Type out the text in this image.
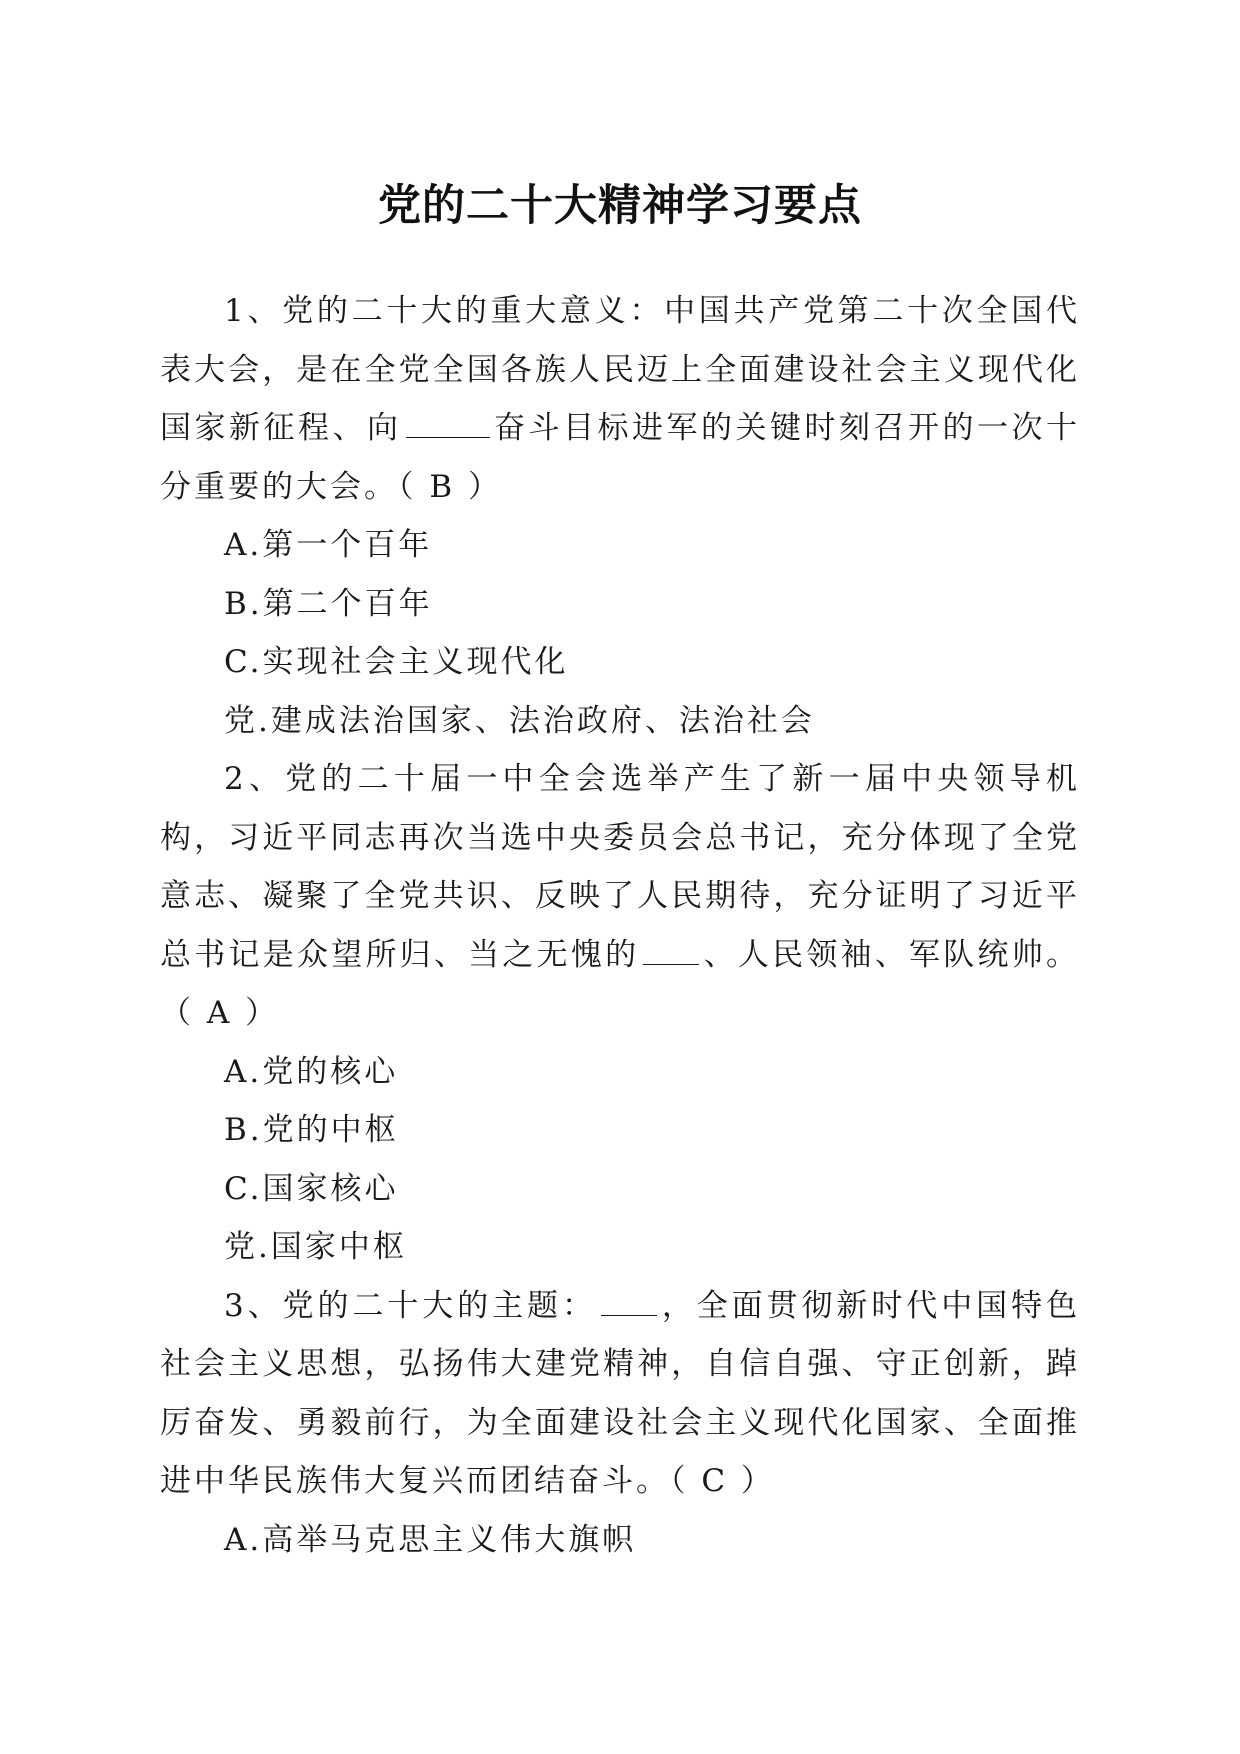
党的二十大精神学习要点

1、党的二十大的重大意义：中国共产党第二十次全国代表大会，是在全党全国各族人民迈上全面建设社会主义现代化国家新征程、向	奋斗目标进军的关键时刻召开的一次十分重要的大会。（ B ）

A.第一个百年

B.第二个百年

C.实现社会主义现代化

党.建成法治国家、法治政府、法治社会

2、党的二十届一中全会选举产生了新一届中央领导机构，习近平同志再次当选中央委员会总书记，充分体现了全党意志、凝聚了全党共识、反映了人民期待，充分证明了习近平总书记是众望所归、当之无愧的 、人民领袖、军队统帅。（ A ）

A.党的核心

B.党的中枢

C.国家核心

党.国家中枢

3、党的二十大的主题： ，全面贯彻新时代中国特色社会主义思想，弘扬伟大建党精神，自信自强、守正创新，踔厉奋发、勇毅前行，为全面建设社会主义现代化国家、全面推进中华民族伟大复兴而团结奋斗。（ C ）

A.高举马克思主义伟大旗帜
